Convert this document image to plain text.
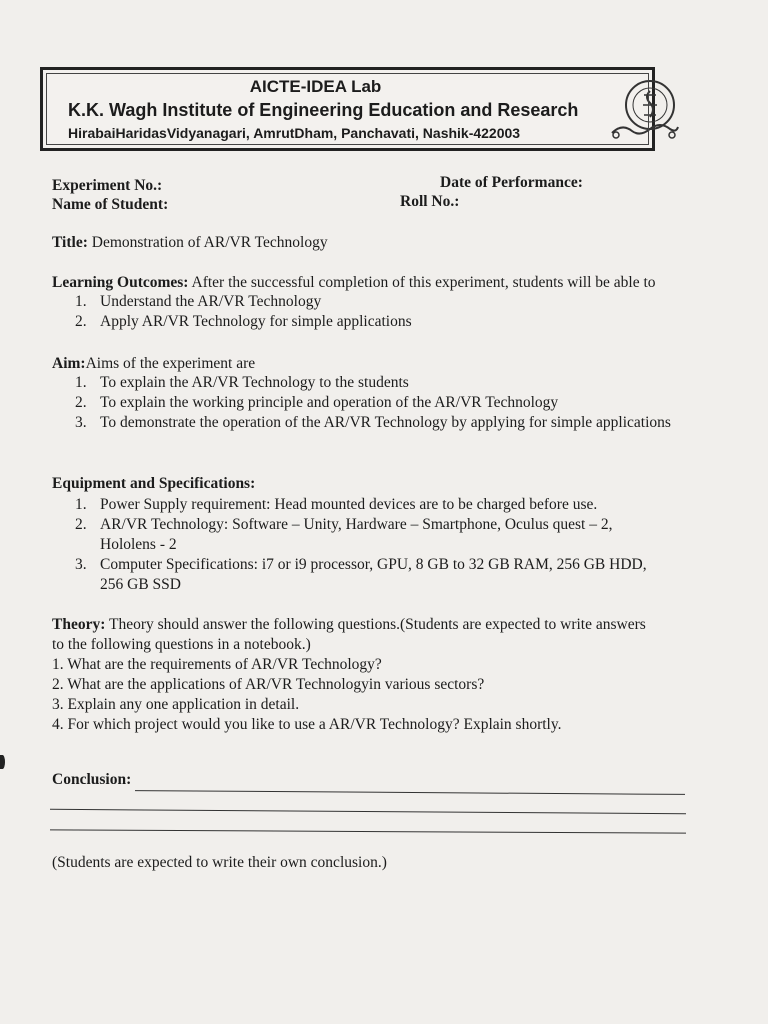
AICTE-IDEA Lab
K.K. Wagh Institute of Engineering Education and Research
HirabaiHaridasVidyanagari, AmrutDham, Panchavati, Nashik-422003
Experiment No.:	Date of Performance:
Name of Student:	Roll No.:
Title: Demonstration of AR/VR Technology
Learning Outcomes: After the successful completion of this experiment, students will be able to
1. Understand the AR/VR Technology
2. Apply AR/VR Technology for simple applications
Aim:Aims of the experiment are
1. To explain the AR/VR Technology to the students
2. To explain the working principle and operation of the AR/VR Technology
3. To demonstrate the operation of the AR/VR Technology by applying for simple applications
Equipment and Specifications:
1. Power Supply requirement: Head mounted devices are to be charged before use.
2. AR/VR Technology: Software – Unity, Hardware – Smartphone, Oculus quest – 2, Hololens - 2
3. Computer Specifications: i7 or i9 processor, GPU, 8 GB to 32 GB RAM, 256 GB HDD, 256 GB SSD
Theory: Theory should answer the following questions.(Students are expected to write answers
to the following questions in a notebook.)
1. What are the requirements of AR/VR Technology?
2. What are the applications of AR/VR Technologyin various sectors?
3. Explain any one application in detail.
4. For which project would you like to use a AR/VR Technology? Explain shortly.
Conclusion:
(Students are expected to write their own conclusion.)
